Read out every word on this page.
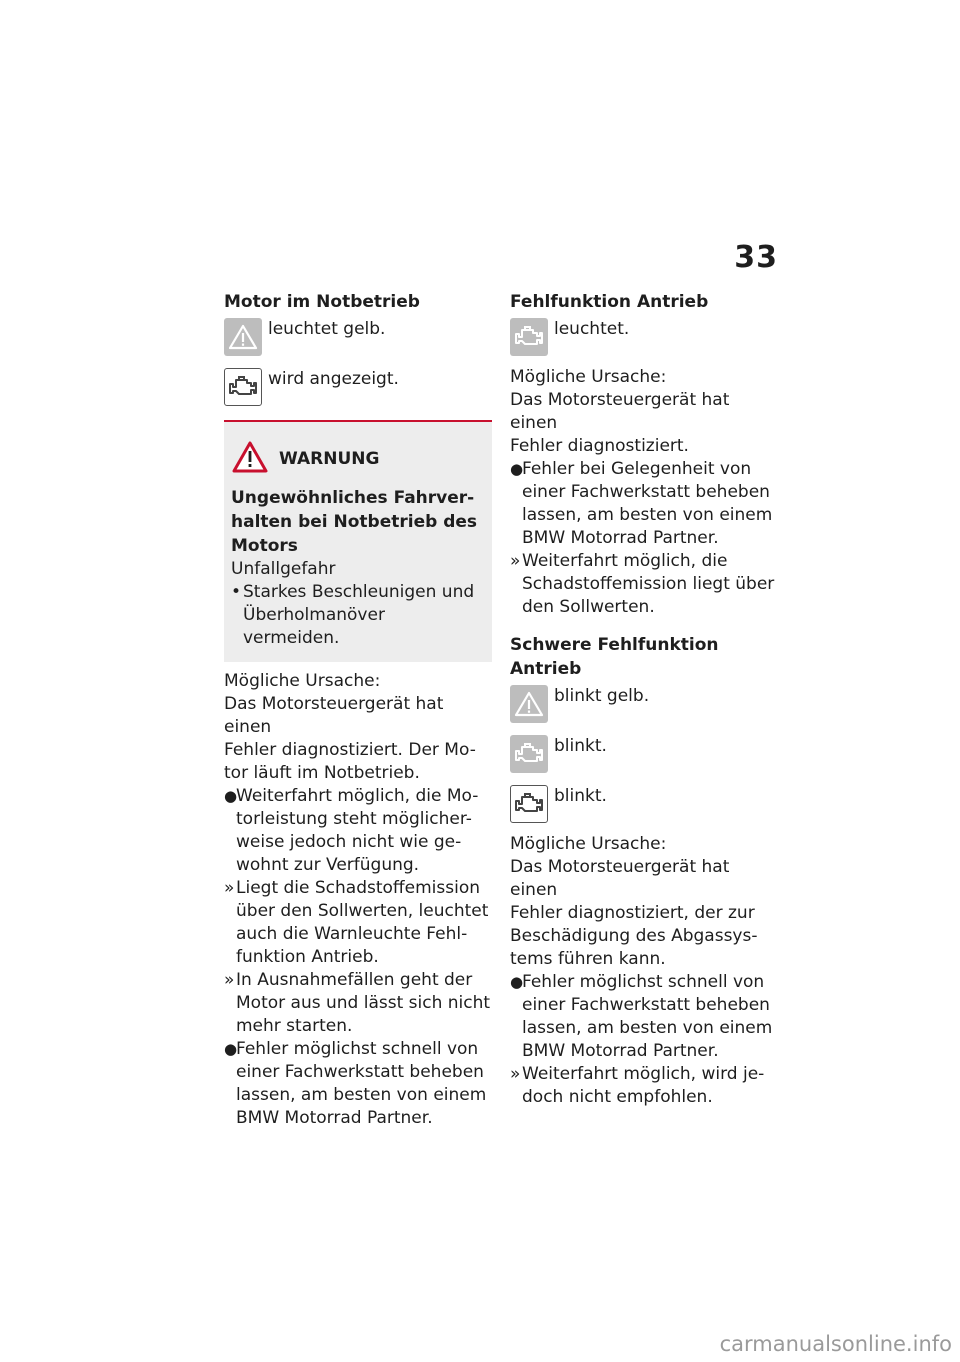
33

Motor im Notbetrieb

leuchtet gelb.

wird angezeigt.

WARNUNG

Ungewöhnliches Fahrver-
halten bei Notbetrieb des
Motors

Unfallgefahr

• Starkes Beschleunigen und
Überholmanöver vermeiden.

Mögliche Ursache:

Das Motorsteuergerät hat einen
Fehler diagnostiziert. Der Mo-
tor läuft im Notbetrieb.

●
Weiterfahrt möglich, die Mo-
torleistung steht möglicher-
weise jedoch nicht wie ge-
wohnt zur Verfügung.
» Liegt die Schadstoffemission
über den Sollwerten, leuchtet
auch die Warnleuchte Fehl-
funktion Antrieb.
» In Ausnahmefällen geht der
Motor aus und lässt sich nicht
mehr starten.
●
Fehler möglichst schnell von
einer Fachwerkstatt beheben
lassen, am besten von einem
BMW Motorrad Partner.

Fehlfunktion Antrieb

leuchtet.

Mögliche Ursache:

Das Motorsteuergerät hat einen
Fehler diagnostiziert.

●
Fehler bei Gelegenheit von
einer Fachwerkstatt beheben
lassen, am besten von einem
BMW Motorrad Partner.
» Weiterfahrt möglich, die
Schadstoffemission liegt über
den Sollwerten.

Schwere Fehlfunktion Antrieb

blinkt gelb.

blinkt.

blinkt.

Mögliche Ursache:

Das Motorsteuergerät hat einen
Fehler diagnostiziert, der zur
Beschädigung des Abgassys-
tems führen kann.

●
Fehler möglichst schnell von
einer Fachwerkstatt beheben
lassen, am besten von einem
BMW Motorrad Partner.
» Weiterfahrt möglich, wird je-
doch nicht empfohlen.
carmanualsonline.info
